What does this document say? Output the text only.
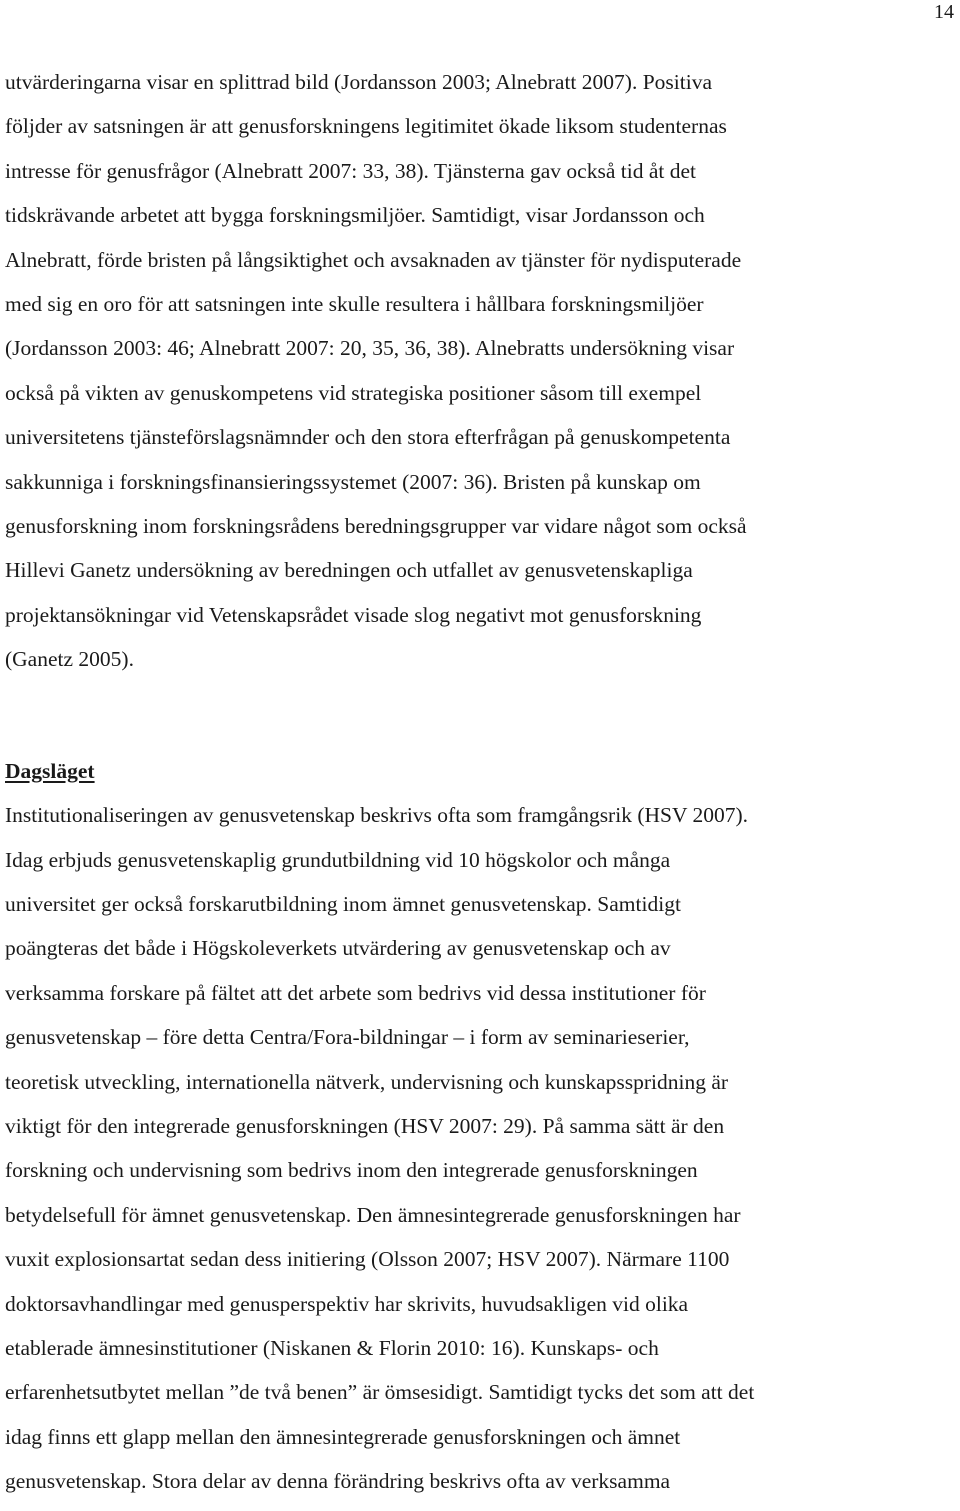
14

utvärderingarna visar en splittrad bild (Jordansson 2003; Alnebratt 2007). Positiva
följder av satsningen är att genusforskningens legitimitet ökade liksom studenternas
intresse för genusfrågor (Alnebratt 2007: 33, 38). Tjänsterna gav också tid åt det
tidskrävande arbetet att bygga forskningsmiljöer. Samtidigt, visar Jordansson och
Alnebratt, förde bristen på långsiktighet och avsaknaden av tjänster för nydisputerade
med sig en oro för att satsningen inte skulle resultera i hållbara forskningsmiljöer
(Jordansson 2003: 46; Alnebratt 2007: 20, 35, 36, 38). Alnebratts undersökning visar
också på vikten av genuskompetens vid strategiska positioner såsom till exempel
universitetens tjänsteförslagsnämnder och den stora efterfrågan på genuskompetenta
sakkunniga i forskningsfinansieringssystemet (2007: 36). Bristen på kunskap om
genusforskning inom forskningsrådens beredningsgrupper var vidare något som också
Hillevi Ganetz undersökning av beredningen och utfallet av genusvetenskapliga
projektansökningar vid Vetenskapsrådet visade slog negativt mot genusforskning
(Ganetz 2005).

Dagsläget

Institutionaliseringen av genusvetenskap beskrivs ofta som framgångsrik (HSV 2007).
Idag erbjuds genusvetenskaplig grundutbildning vid 10 högskolor och många
universitet ger också forskarutbildning inom ämnet genusvetenskap. Samtidigt
poängteras det både i Högskoleverkets utvärdering av genusvetenskap och av
verksamma forskare på fältet att det arbete som bedrivs vid dessa institutioner för
genusvetenskap – före detta Centra/Fora-bildningar – i form av seminarieserier,
teoretisk utveckling, internationella nätverk, undervisning och kunskapsspridning är
viktigt för den integrerade genusforskningen (HSV 2007: 29). På samma sätt är den
forskning och undervisning som bedrivs inom den integrerade genusforskningen
betydelsefull för ämnet genusvetenskap. Den ämnesintegrerade genusforskningen har
vuxit explosionsartat sedan dess initiering (Olsson 2007; HSV 2007). Närmare 1100
doktorsavhandlingar med genusperspektiv har skrivits, huvudsakligen vid olika
etablerade ämnesinstitutioner (Niskanen & Florin 2010: 16). Kunskaps- och
erfarenhetsutbytet mellan ”de två benen” är ömsesidigt. Samtidigt tycks det som att det
idag finns ett glapp mellan den ämnesintegrerade genusforskningen och ämnet
genusvetenskap. Stora delar av denna förändring beskrivs ofta av verksamma
